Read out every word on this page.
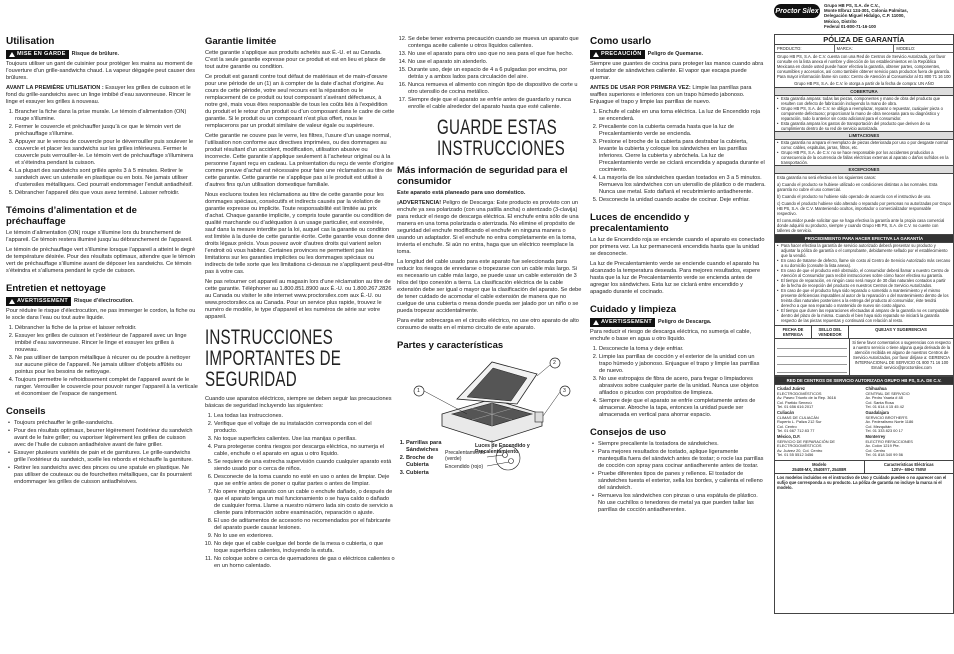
Utilisation
MISE EN GARDE Risque de brûlure.

Toujours utiliser un gant de cuisinier pour protéger les mains au moment de l’ouverture d’un grille-sandwichs chaud. La vapeur dégagée peut causer des brûlures.

AVANT LA PREMIÈRE UTILISATION : Essuyer les grilles de cuisson et le fond du grille-sandwichs avec un linge imbibé d’eau savonneuse. Rincer le linge et essuyer les grilles à nouveau.

1. Brancher la fiche dans la prise murale. Le témoin d’alimentation (ON) rouge s’illumine.
2. Fermer le couvercle et préchauffer jusqu’à ce que le témoin vert de préchauffage s’illumine.
3. Appuyer sur le verrou de couvercle pour le déverrouiller puis soulever le couvercle et placer les sandwichs sur les grilles inférieures. Fermer le couvercle puis verrouiller-le. Le témoin vert de préchauffage s’illuminera et s’éteindra pendant la cuisson.
4. La plupart des sandwichs sont grillés après 3 à 5 minutes. Retirer le sandwich avec un ustensile en plastique ou en bois. Ne jamais utiliser d’ustensiles métalliques. Ceci pourrait endommager l’enduit antiadhésif.
5. Débrancher l’appareil dès que vous avez terminé. Laisser refroidir.
Témoins d’alimentation et de préchauffage

Le témoin d’alimentation (ON) rouge s’illumine lors du branchement de l’appareil. Ce témoin restera illuminé jusqu’au débranchement de l’appareil.

Le témoin de préchauffage vert s’illumine lorsque l’appareil a atteint le degré de température désirée. Pour des résultats optimaux, attendre que le témoin vert de préchauffage s’illumine avant de déposer les sandwichs. Ce témoin s’éteindra et s’allumera pendant le cycle de cuisson.

Entretien et nettoyage
AVERTISSEMENT Risque d’électrocution.

Pour réduire le risque d’électrocution, ne pas immerger le cordon, la fiche ou le socle dans l’eau ou tout autre liquide.

1. Débrancher la fiche de la prise et laisser refroidir.
2. Essuyer les grilles de cuisson et l’extérieur de l’appareil avec un linge imbibé d’eau savonneuse. Rincer le linge et essuyer les grilles à nouveau.
3. Ne pas utiliser de tampon métallique à récurer ou de poudre à nettoyer sur aucune pièce de l’appareil. Ne jamais utiliser d’objets affûtés ou pointus pour les besoins de nettoyage.
4. Toujours permettre le refroidissement complet de l’appareil avant de le ranger. Verrouiller le couvercle pour pouvoir ranger l’appareil à la verticale et économiser de l’espace de rangement.
Conseils
• Toujours préchauffer le grille-sandwichs.
• Pour des résultats optimaux, beurrer légèrement l’extérieur du sandwich avant de le faire griller; ou vaporiser légèrement les grilles de cuisson avec de l’huile de cuisson antiadhésive avant de faire griller.
• Essuyer plusieurs variétés de pain et de garnitures. Le grille-sandwichs grille l’extérieur du sandwich, scelle les rebords et réchauffe la garniture.
• Retirer les sandwichs avec des pinces ou une spatule en plastique. Ne pas utiliser de couteaux ou de fourchettes métalliques, car ils pourraient endommager les grilles de cuisson antiadhésives.
Garantie limitée

Cette garantie s’applique aux produits achetés aux É.-U. et au Canada. C’est la seule garantie expresse pour ce produit et est en lieu et place de tout autre garantie ou condition.

Ce produit est garanti contre tout défaut de matériaux et de main-d’œuvre pour une période de un (1) an à compter de la date d’achat d’origine. Au cours de cette période, votre seul recours est la réparation ou le remplacement de ce produit ou tout composant s’avérant défectueux, à notre gré, mais vous êtes responsable de tous les coûts liés à l’expédition du produit et le retour d’un produit ou d’un composant dans le cadre de cette garantie. Si le produit ou un composant n’est plus offert, nous le remplacerons par un produit similaire de valeur égale ou supérieure.

Cette garantie ne couvre pas le verre, les filtres, l’usure d’un usage normal, l’utilisation non conforme aux directives imprimées, ou des dommages au produit résultant d’un accident, modification, utilisation abusive ou incorrecte. Cette garantie s’applique seulement à l’acheteur original ou à la personne l’ayant reçu en cadeau. La présentation du reçu de vente d’origine comme preuve d’achat est nécessaire pour faire une réclamation au titre de cette garantie. Cette garantie ne s’applique pas si le produit est utilisé à d’autres fins qu’un utilisation domestique familiale.

Nous excluons toutes les réclamations au titre de cette garantie pour les dommages spéciaux, consécutifs et indirects causés par la violation de garantie expresse ou implicite. Toute responsabilité est limitée au prix d’achat. Chaque garantie implicite, y compris toute garantie ou condition de qualité marchande ou d’adéquation à un usage particulier, est exonérée, sauf dans la mesure interdite par la loi, auquel cas la garantie ou condition est limitée à la durée de cette garantie écrite. Cette garantie vous donne des droits légaux précis. Vous pouvez avoir d’autres droits qui varient selon l’endroit où vous habitez. Certaines provinces ne permettent pas les limitations sur les garanties implicites ou les dommages spéciaux ou indirects de telle sorte que les limitations ci-dessus ne s’appliquent peut-être pas à votre cas.

Ne pas retourner cet appareil au magasin lors d’une réclamation au titre de cette garantie. Téléphoner au 1.800.851.8900 aux É.-U. ou 1.800.267.2826 au Canada ou visiter le site internet www.proctorsilex.com aux É.-U. ou www.proctorsilex.ca au Canada. Pour un service plus rapide, trouvez le numéro de modèle, le type d’appareil et les numéros de série sur votre appareil.

INSTRUCCIONES IMPORTANTES DE SEGURIDAD

Cuando use aparatos eléctricos, siempre se deben seguir las precauciones básicas de seguridad incluyendo las siguientes:

1. Lea todas las instrucciones.
2. Verifique que el voltaje de su instalación corresponda con el del producto.
3. No toque superficies calientes. Use las manijas o perillas.
4. Para protegerse contra riesgos por descarga eléctrica, no sumerja el cable, enchufe o el aparato en agua u otro líquido.
5. Se requiere de una estrecha supervisión cuando cualquier aparato está siendo usado por o cerca de niños.
6. Desconecte de la toma cuando no esté en uso o antes de limpiar. Deje que se enfríe antes de poner o quitar partes o antes de limpiar.
7. No opere ningún aparato con un cable o enchufe dañado, o después de que el aparato tenga un mal funcionamiento o se haya caído o dañado de cualquier forma. Llame a nuestro número lada sin costo de servicio a cliente para información sobre examinación, reparación o ajuste.
8. El uso de aditamentos de accesorio no recomendados por el fabricante del aparato puede causar lesiones.
9. No lo use en exteriores.
10. No deje que el cable cuelgue del borde de la mesa o cubierta, o que toque superficies calientes, incluyendo la estufa.
11. No coloque sobre o cerca de quemadores de gas o eléctricos calientes o en un horno calentado.
12. Se debe tener extrema precaución cuando se mueva un aparato que contenga aceite caliente u otros líquidos calientes.
13. No use el aparato para otro uso que no sea para el que fue hecho.
14. No use el aparato sin atenderlo.
15. Durante uso, deje un espacio de 4 a 6 pulgadas por encima, por detrás y a ambos lados para circulación del aire.
16. Nunca remueva el alimento con ningún tipo de dispositivo de corte u otro utensilio de cocina metálico.
17. Siempre deje que el aparato se enfríe antes de guardarlo y nunca enrolle el cable alrededor del aparato hasta que esté caliente.
GUARDE ESTAS INSTRUCCIONES
Más información de seguridad para el consumidor

Este aparato está planeado para uso doméstico.

¡ADVERTENCIA! Peligro de Descarga: Este producto es provisto con un enchufe ya sea polarizado (con una patilla ancha) o aterrizado (3-clavija) para reducir el riesgo de descarga eléctrica. El enchufe entra sólo de una manera en una toma polarizada o aterrizada. No elimine el propósito de seguridad del enchufe modificando el enchufe en ninguna manera o usando un adaptador. Si el enchufe no entra completamente en la toma, invierta el enchufe. Si aún no entra, haga que un eléctrico reemplace la toma.

La longitud del cable usado para este aparato fue seleccionada para reducir los riesgos de enredarse o tropezarse con un cable más largo. Si es necesario un cable más largo, se puede usar un cable extensión de 3 hilos del tipo conexión a tierra. La clasificación eléctrica de la cable extensión debe ser igual o mayor que la clasificación del aparato. Se debe de tener cuidado de acomodar el cable extensión de manera que no cuelgue de una cubierta o mesa donde pueda ser jalado por un niño o se pueda tropezar accidentalmente.

Para evitar sobrecarga en el circuito eléctrico, no use otro aparato de alto consumo de watts en el mismo circuito de este aparato.

Partes y características
1
2
3
Luces de Encendido y Precalentamiento
Precalentamiento (verde)
Encendido (rojo)
1. Parrillas para Sándwiches
2. Broche de Cubierta
3. Cubierta
Como usarlo
PRECAUCIÓN Peligro de Quemarse.

Siempre use guantes de cocina para proteger las manos cuando abra el tostador de sándwiches caliente. El vapor que escapa puede quemar.

ANTES DE USAR POR PRIMERA VEZ: Limpie las parrillas para waffles superiores e inferiores con un trapo húmedo jabonoso. Enjuague el trapo y limpie las parrillas de nuevo.

1. Enchufe el cable en una toma eléctrica. La luz de Encendido roja se encenderá.
2. Precaliente con la cubierta cerrada hasta que la luz de Precalentamiento verde se encienda.
3. Presione el broche de la cubierta para destrabar la cubierta, levante la cubierta y coloque los sándwiches en las parrillas inferiores. Cierre la cubierta y abróchela. La luz de Precalentamiento verde se ciclará encendida y apagada durante el cocimiento.
4. La mayoría de los sándwiches quedan tostados en 3 a 5 minutos. Remueva los sándwiches con un utensilio de plástico o de madera. Nunca use metal. Esto dañará el recubrimiento antiadherente.
5. Desconecte la unidad cuando acabe de cocinar. Deje enfriar.
Luces de encendido y precalentamiento

La luz de Encendido roja se enciende cuando el aparato es conectado por primera vez. La luz permanecerá encendida hasta que la unidad se desconecte.

La luz de Precalentamiento verde se enciende cuando el aparato ha alcanzado la temperatura deseada. Para mejores resultados, espere hasta que la luz de Precalentamiento verde se encienda antes de agregar los sándwiches. Esta luz se ciclará entre encendido y apagado durante el cocinado.

Cuidado y limpieza
AVERTISSEMENT Peligro de Descarga.

Para reducir el riesgo de descarga eléctrica, no sumerja el cable, enchufe o base en agua u otro líquido.

1. Desconecte la toma y deje enfriar.
2. Limpie las parrillas de cocción y el exterior de la unidad con un trapo húmedo y jabonoso. Enjuague el trapo y limpie las parrillas de nuevo.
3. No use estropajos de fibra de acero, para fregar o limpiadores abrasivos sobre cualquier parte de la unidad. Nunca use objetos afilados o picudos con propósitos de limpieza.
4. Siempre deje que el aparato se enfríe completamente antes de almacenar. Abroche la tapa, entonces la unidad puede ser almacenada en vertical para ahorrar espacio.
Consejos de uso
• Siempre precaliente la tostadora de sándwiches.
• Para mejores resultados de tostado, aplique ligeramente mantequilla fuera del sándwich antes de tostar; o rocíe las parrillas de cocción con spray para cocinar antiadherente antes de tostar.
• Pruebe diferentes tipos de panes y rellenos. El tostador de sándwiches tuesta el exterior, sella los bordes, y calienta el relleno del sándwich.
• Remueva los sándwiches con pinzas o una espátula de plástico. No use cuchillos o tenedores de metal ya que pueden tallar las parrillas de cocción antiadherentes.
Proctor Silex
Grupo HB PS, S.A. de C.V.,
Monte Elbruz 124-301, Colonia Palmitas,
Delegación Miguel Hidalgo, C.P. 11000,
México, Distrito
Federal 01-800-71-16-100
PÓLIZA DE GARANTÍA
PRODUCTO:	MARCA:	MODELO:
Grupo HB PS, S.A. de C.V. cuenta con una Red de Centros de Servicio Autorizada, por favor consulte en la lista anexa el nombre y dirección de los establecimientos en la República Mexicana en donde usted puede hacer efectiva la garantía, obtener partes, componentes, consumibles y accesorios, así como también obtener servicio para productos fuera de garantía. Para mayor información llame sin costo: Centro de Atención al Consumidor al 01 800 71 16 100
Grupo HB PS, S.A. de C.V. le otorga a partir de la fecha de compra: UN AÑO
COBERTURA
• Esta garantía ampara: todas las piezas, componentes y mano de obra del producto que resulten con defecto de fabricación incluyendo la mano de obra.
• Grupo HB PS, S.A. de C.V. se obliga a reemplazar, reparar o repuestar, cualquier pieza o componente defectuoso; proporcionar la mano de obra necesaria para su diagnóstico y reparación, todo lo anterior sin costo adicional para el consumidor.
• Esta garantía ampara los gastos de transportación del producto que deriven de su cumplimiento dentro de su red de servicio autorizada.
LIMITACIONES
• Esta garantía no ampara el reemplazo de piezas deteriorada por uso o por desgaste normal como: cables, espátulas, jarras, filtros, etc.
• Grupo HB PS, S.A. de C.V. no se hace responsable por los accidentes producidos a consecuencia de la ocurrencia de fallas eléctricas externas al aparato o daños sufridos en la transportación.
EXCEPCIONES
Esta garantía no será efectiva en los siguientes casos:
a) Cuando el producto se hubiese utilizado en condiciones distintas a las normales. Esta garantía no cubre el uso comercial.
b) Cuando el producto no hubiese sido operado de acuerdo con el instructivo de uso.
c) Cuando el producto hubiese sido alterado o reparado por personas no autorizadas por Grupo HB PS, S.A. de C.V. Manteniendo ocultos, importador o comercializador responsable respectivo.
El consumidor puede solicitar que se haga efectiva la garantía ante la propia casa comercial donde adquirió su producto, siempre y cuando Grupo HB PS, S.A. de C.V. no cuente con talleres de servicio.
PROCEDIMIENTO PARA HACER EFECTIVA LA GARANTÍA
• Para hacer efectiva la garantía de servicio autorizado deberá presentar su producto y adjuntar la póliza de garantía o el comprobante, debidamente sellado por el establecimiento que la vendió.
• En caso de tratarse de defecto, llame sin costo al Centro de Servicio Autorizado más cercano a su domicilio (consulte la lista anexa).
• En caso de que el producto esté obstruido, el consumidor deberá llamar a nuestro Centro de Atención al Consumidor para recibir instrucciones sobre cómo hacer efectiva su garantía.
• El tiempo de reparación, en ningún caso será mayor de 30 días naturales contados a partir de la fecha de recepción del producto en nuestros Centros de Servicio Autorizados.
• En caso de que el producto haya sido reparado o sometido a mantenimiento y el mismo presente deficiencias imputables al autor de la reparación o del mantenimiento dentro de los treinta días naturales posteriores a la entrega del producto al consumidor, éste tendrá derecho a que sea reparado o mantenido de nuevo sin costo alguno.
• El tiempo que duren las reparaciones efectuadas al amparo de la garantía no es computable dentro del plazo de la misma. Cuando el bien haya sido reparado se iniciará la garantía respecto de las piezas repuestas y continuará con relación al resto.
FECHA DE ENTREGA
SELLO DEL VENDEDOR
QUEJAS Y SUGERENCIAS
Si tiene favor comentarios o sugerencias con respecto a nuestro servicio o tiene alguna queja derivada de la atención recibida en alguno de nuestros Centros de Servicio Autorizados, por favor diríjase a: GERENCIA INTERNACIONAL DE SERVICIO 01 800 71 16 100 Email: servicio@proctorsilex.com
RED DE CENTROS DE SERVICIO AUTORIZADA GRUPO HB PS, S.A. DE C.V.
Ciudad Juárez
ELECTRODOMÉSTICOS
Av. Paseo Triunfo de la Rep. 3616
Col. Partido Senecú
Tel. 01 656 616 2017
Chihuahua
CENTRAL DE SERVICIO
Av. Pedro Yaaria # 48
Col. Santa Rosa
Tel. 01 614 4 15 45 42
Culiacán
CLIMAS DE CULIACÁN
Ruperto L. Paliza 212 Sur
Col. Centro
Tel. 01 667 712 83 77
Guadalajara
SERVICIO BROTHER'S
Av. Federalismo Norte 1186
Col. Mezquitán
Tel. 01 333 823 00 17
México, D.F.
SERVICIO DE REPARACIÓN DE ELECTRODOMÉSTICOS
Av. Juárez 20, Col. Centro
Tel. 01 55 5512 3456
Monterrey
ELECTRO REFACCIONES
Av. Colón 1219 Pte.
Col. Centro
Tel. 01 818 340 99 56
Modelo
25408-MX, 25408Y7, 25408R
Características Eléctricas
120V~ 60Hz 750W
Los modelos incluidos en el instructivo de Uso y Cuidado pueden o no aparecer con el sufijo que corresponda a su producto. La póliza de garantía no incluye la marca ni el modelo.
